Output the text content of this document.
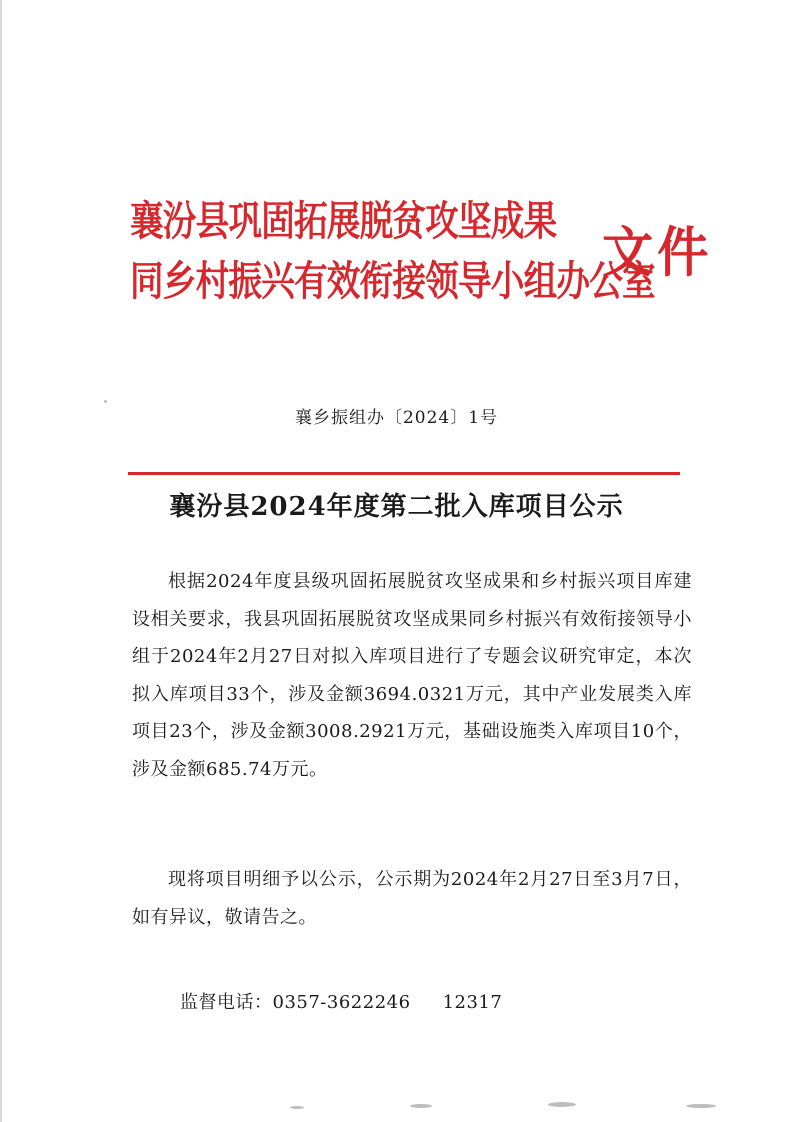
襄汾县巩固拓展脱贫攻坚成果
同乡村振兴有效衔接领导小组办公室
文件
襄乡振组办〔2024〕1号
襄汾县2024年度第二批入库项目公示
根据2024年度县级巩固拓展脱贫攻坚成果和乡村振兴项目库建设相关要求，我县巩固拓展脱贫攻坚成果同乡村振兴有效衔接领导小组于2024年2月27日对拟入库项目进行了专题会议研究审定，本次拟入库项目33个，涉及金额3694.0321万元，其中产业发展类入库项目23个，涉及金额3008.2921万元，基础设施类入库项目10个，涉及金额685.74万元。
现将项目明细予以公示，公示期为2024年2月27日至3月7日，如有异议，敬请告之。
监督电话：0357-3622246 12317
